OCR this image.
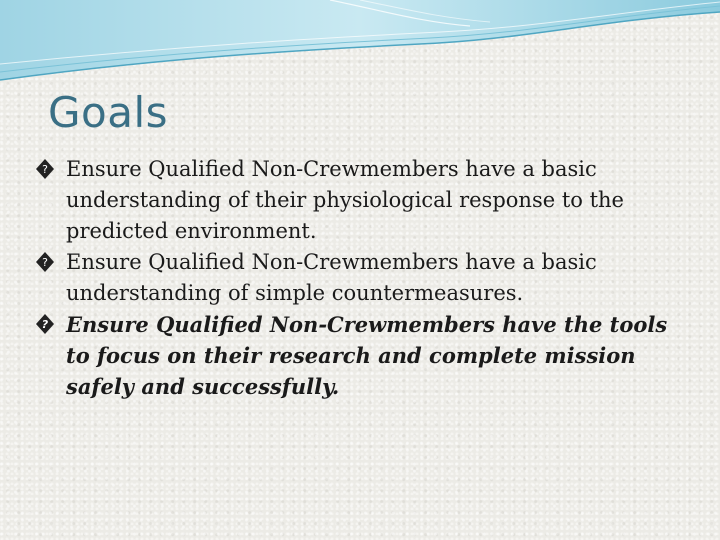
Goals
? Ensure Qualified Non-Crewmembers have a basic understanding of their physiological response to the predicted environment.
? Ensure Qualified Non-Crewmembers have a basic understanding of simple countermeasures.
? Ensure Qualified Non-Crewmembers have the tools to focus on their research and complete mission safely and successfully.
